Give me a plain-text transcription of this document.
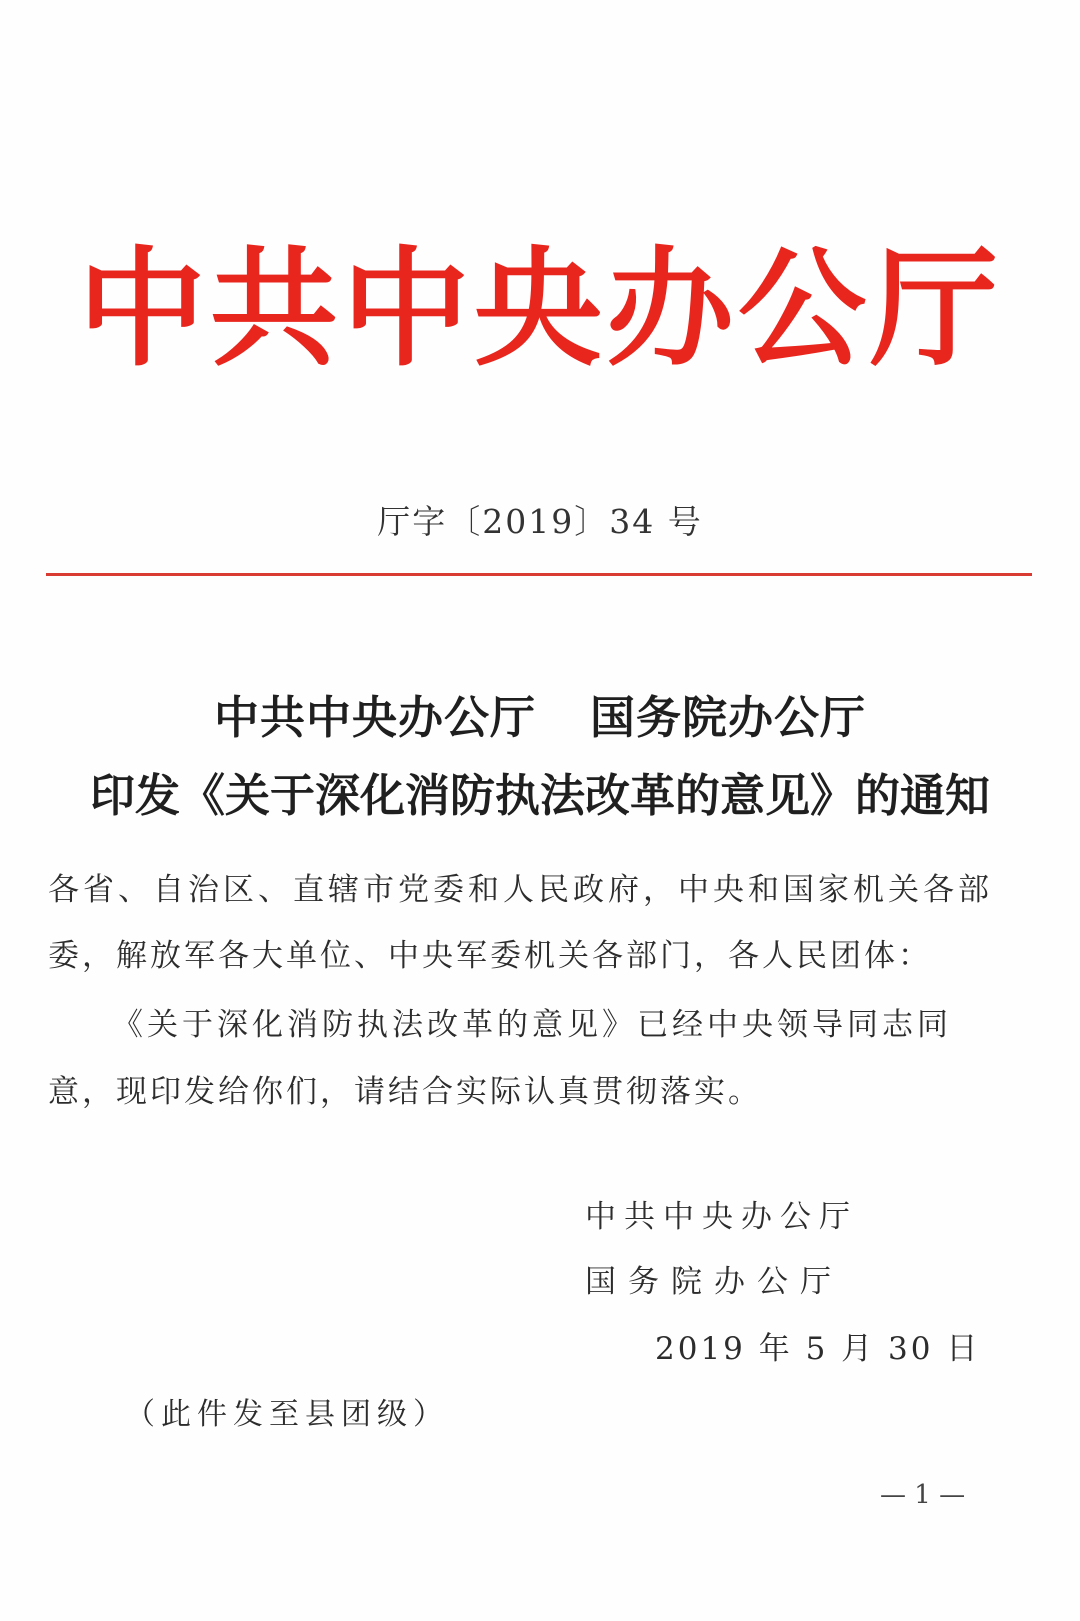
中共中央办公厅
厅字〔2019〕34 号
中共中央办公厅 国务院办公厅
印发《关于深化消防执法改革的意见》的通知
各省、自治区、直辖市党委和人民政府，中央和国家机关各部
委，解放军各大单位、中央军委机关各部门，各人民团体：
《关于深化消防执法改革的意见》已经中央领导同志同
意，现印发给你们，请结合实际认真贯彻落实。
中共中央办公厅
国务院办公厅
2019 年 5 月 30 日
（此件发至县团级）
— 1 —
